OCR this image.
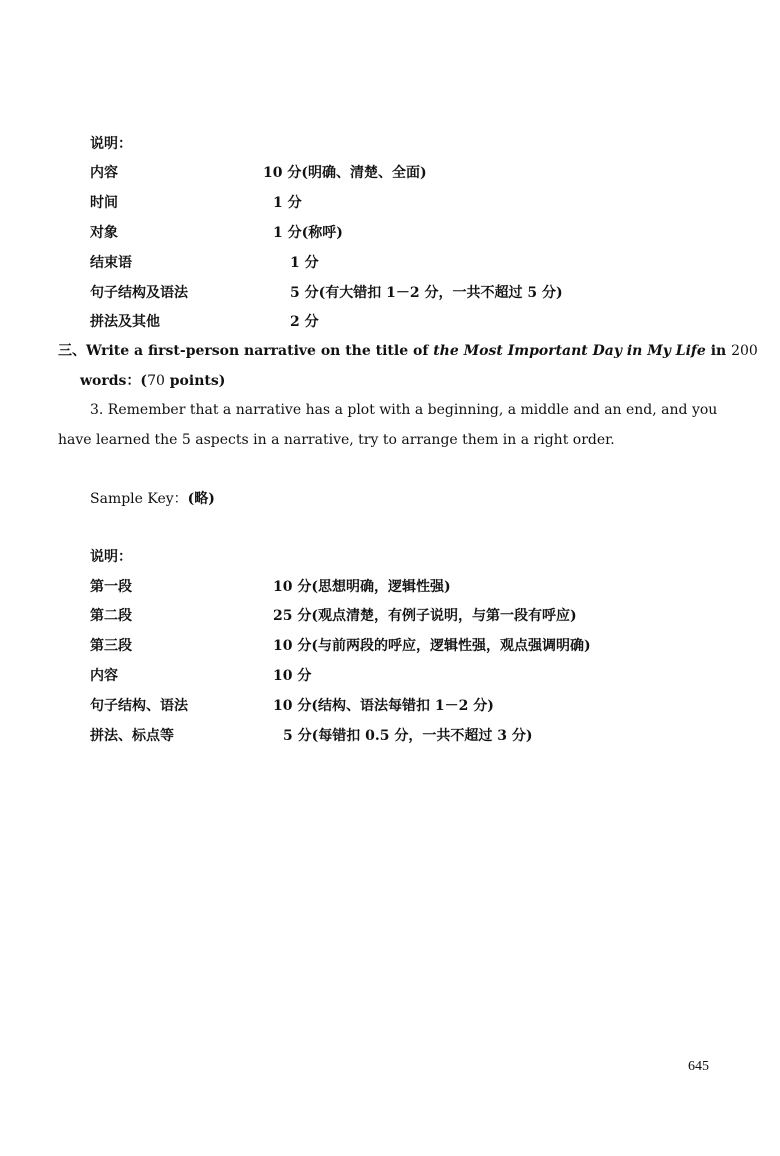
说明：
内容	10 分(明确、清楚、全面)
时间	1 分
对象	1 分(称呼)
结束语	1 分
句子结构及语法	5 分(有大错扣 1－2 分，一共不超过 5 分)
拼法及其他	2 分
三、Write a first-person narrative on the title of the Most Important Day in My Life in 200
words：(70 points)
3. Remember that a narrative has a plot with a beginning, a middle and an end, and you
have learned the 5 aspects in a narrative, try to arrange them in a right order.
Sample Key：(略)
说明：
第一段	10 分(思想明确，逻辑性强)
第二段	25 分(观点清楚，有例子说明，与第一段有呼应)
第三段	10 分(与前两段的呼应，逻辑性强，观点强调明确)
内容	10 分
句子结构、语法	10 分(结构、语法每错扣 1－2 分)
拼法、标点等	5 分(每错扣 0.5 分，一共不超过 3 分)
645
